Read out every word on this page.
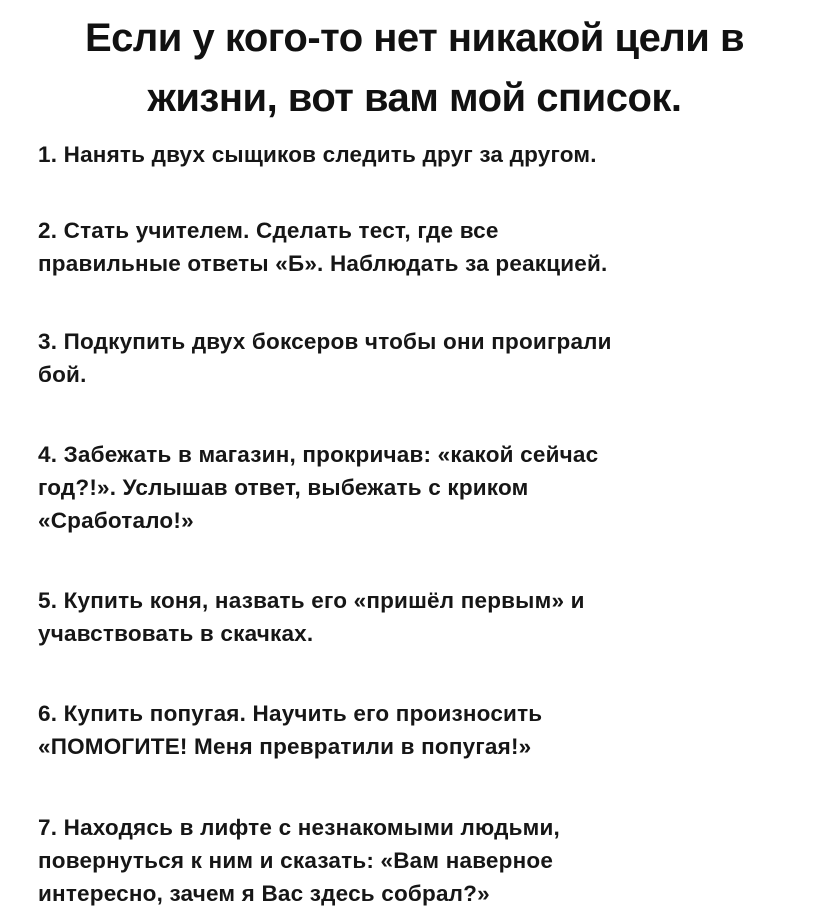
Если у кого-то нет никакой цели в
жизни, вот вам мой список.
1. Нанять двух сыщиков следить друг за другом.
2. Стать учителем. Сделать тест, где все
правильные ответы «Б». Наблюдать за реакцией.
3. Подкупить двух боксеров чтобы они проиграли
бой.
4. Забежать в магазин, прокричав: «какой сейчас
год?!». Услышав ответ, выбежать с криком
«Сработало!»
5. Купить коня, назвать его «пришёл первым» и
учавствовать в скачках.
6. Купить попугая. Научить его произносить
«ПОМОГИТЕ! Меня превратили в попугая!»
7. Находясь в лифте с незнакомыми людьми,
повернуться к ним и сказать: «Вам наверное
интересно, зачем я Вас здесь собрал?»
